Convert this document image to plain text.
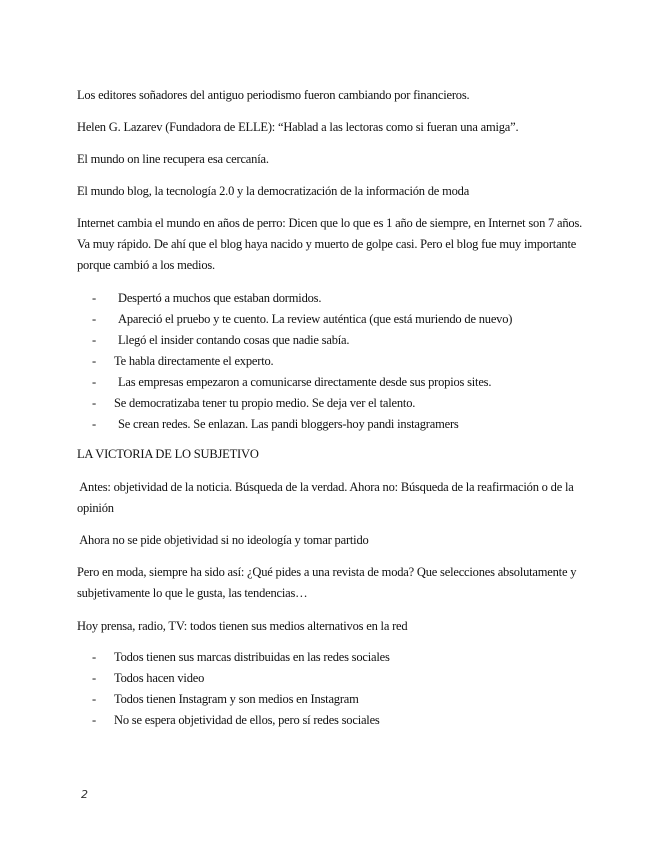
Los editores soñadores del antiguo periodismo fueron cambiando por financieros.

Helen G. Lazarev (Fundadora de ELLE): “Hablad a las lectoras como si fueran una amiga”.

El mundo on line recupera esa cercanía.

El mundo blog, la tecnología 2.0 y la democratización de la información de moda

Internet cambia el mundo en años de perro: Dicen que lo que es 1 año de siempre, en Internet son 7 años.
Va muy rápido. De ahí que el blog haya nacido y muerto de golpe casi. Pero el blog fue muy importante
porque cambió a los medios.
- Despertó a muchos que estaban dormidos.
- Apareció el pruebo y te cuento. La review auténtica (que está muriendo de nuevo)
- Llegó el insider contando cosas que nadie sabía.
- Te habla directamente el experto.
- Las empresas empezaron a comunicarse directamente desde sus propios sites.
- Se democratizaba tener tu propio medio. Se deja ver el talento.
- Se crean redes. Se enlazan. Las pandi bloggers-hoy pandi instagramers
LA VICTORIA DE LO SUBJETIVO
Antes: objetividad de la noticia. Búsqueda de la verdad. Ahora no: Búsqueda de la reafirmación o de la
opinión

Ahora no se pide objetividad si no ideología y tomar partido

Pero en moda, siempre ha sido así: ¿Qué pides a una revista de moda? Que selecciones absolutamente y
subjetivamente lo que le gusta, las tendencias…

Hoy prensa, radio, TV: todos tienen sus medios alternativos en la red

- Todos tienen sus marcas distribuidas en las redes sociales
- Todos hacen video
- Todos tienen Instagram y son medios en Instagram
- No se espera objetividad de ellos, pero sí redes sociales
2
